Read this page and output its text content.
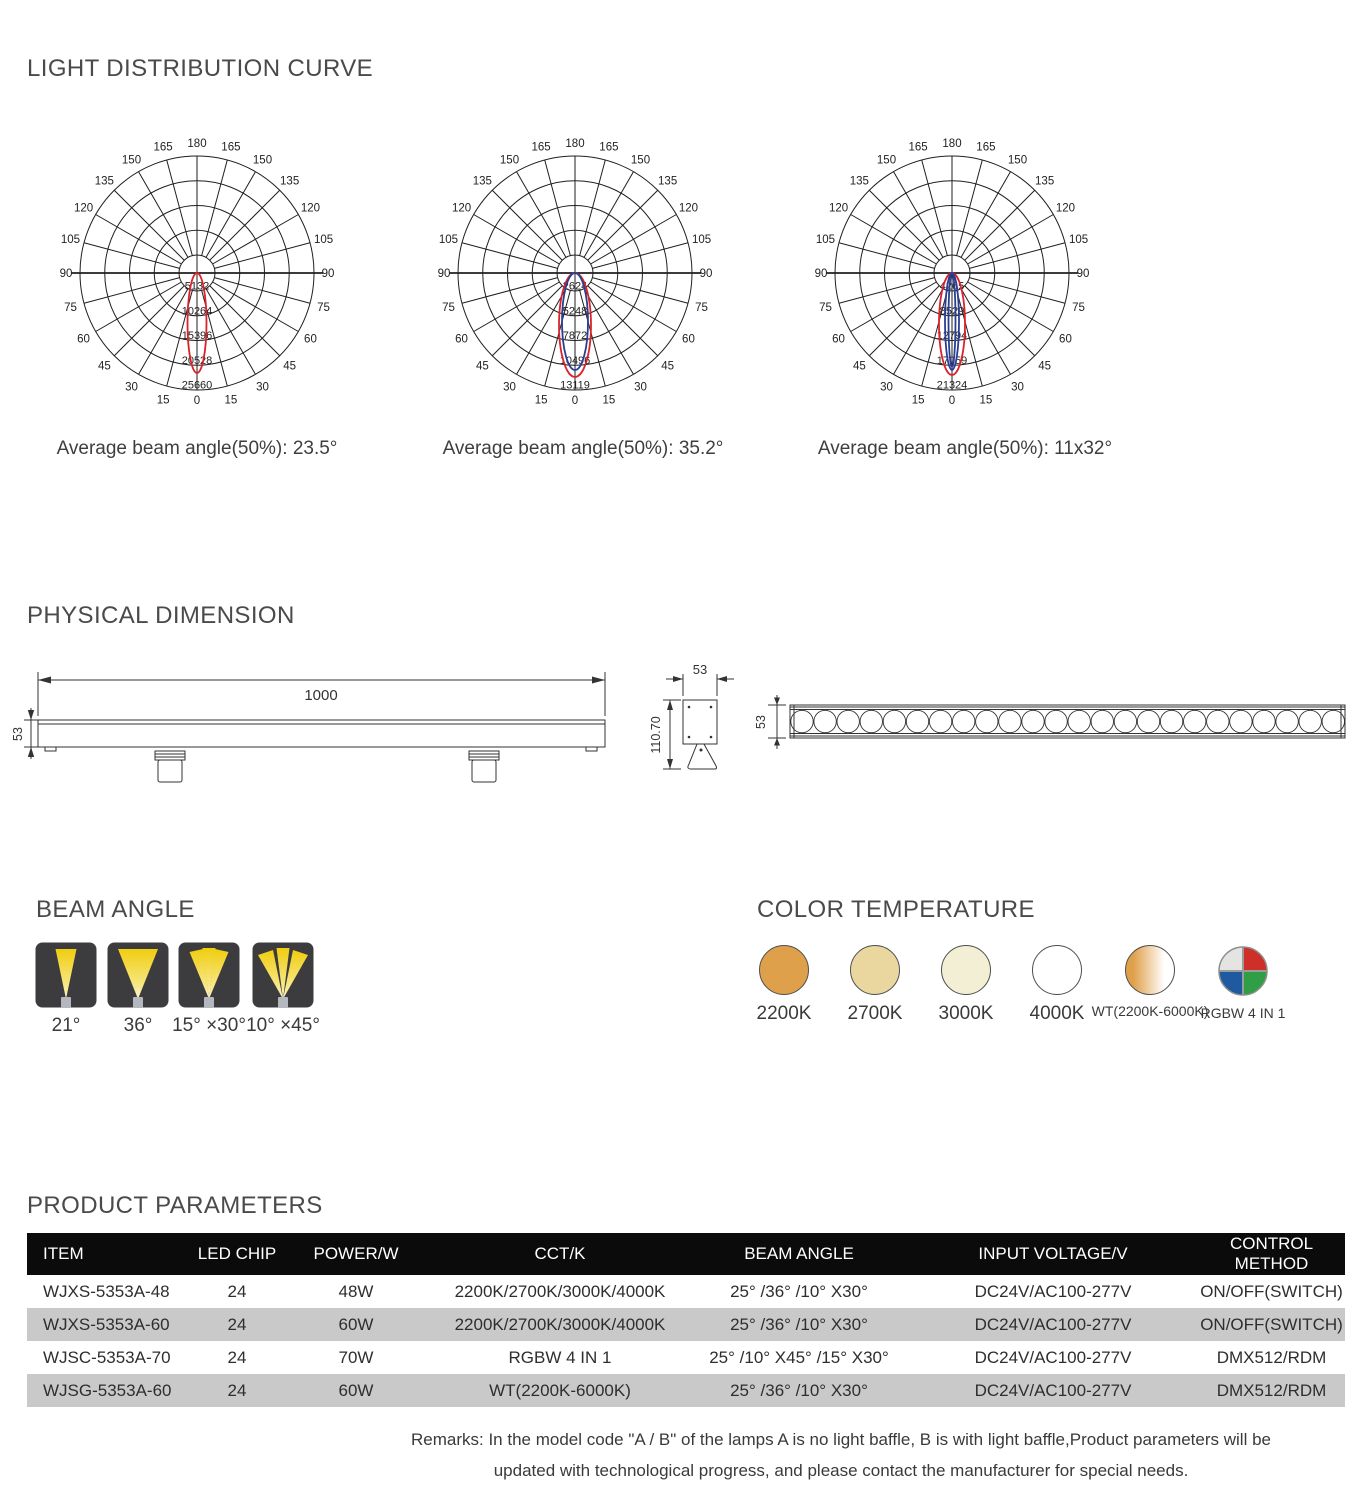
LIGHT DISTRIBUTION CURVE
0 15
15
30
30
45
45
60
60
75
75
90
90
105
105
120
120
135
135
150
150
165
165 180
5132
10264
15396
20528
25660
0 15
15
30
30
45
45
60
60
75
75
90
90
105
105
120
120
135
135
150
150
165
165 180
2624
5248
7872
10496
13119
0 15
15
30
30
45
45
60
60
75
75
90
90
105
105
120
120
135
135
150
150
165
165 180
4265
8529
12794
17059
21324
Average beam angle(50%): 23.5°	Average beam angle(50%): 35.2°	Average beam angle(50%): 11x32°
PHYSICAL DIMENSION
1000
53
53
110.70	53
BEAM ANGLE
21°	36°	15° ×30° 10° ×45°
COLOR TEMPERATURE
2200K	2700K	3000K	4000K WT(2200K-6000K)
RGBW 4 IN 1
PRODUCT PARAMETERS
ITEM	LED CHIP	POWER/W	CCT/K	BEAM ANGLE	INPUT VOLTAGE/V	CONTROL METHOD
WJXS-5353A-48	24	48W	2200K/2700K/3000K/4000K	25° /36° /10° X30°	DC24V/AC100-277V	ON/OFF(SWITCH)
WJXS-5353A-60	24	60W	2200K/2700K/3000K/4000K	25° /36° /10° X30°	DC24V/AC100-277V	ON/OFF(SWITCH)
WJSC-5353A-70	24	70W	RGBW 4 IN 1	25° /10° X45° /15° X30°	DC24V/AC100-277V	DMX512/RDM
WJSG-5353A-60	24	60W	WT(2200K-6000K)	25° /36° /10° X30°	DC24V/AC100-277V	DMX512/RDM
Remarks: In the model code "A / B" of the lamps A is no light baffle, B is with light baffle,Product parameters will be
updated with technological progress, and please contact the manufacturer for special needs.
